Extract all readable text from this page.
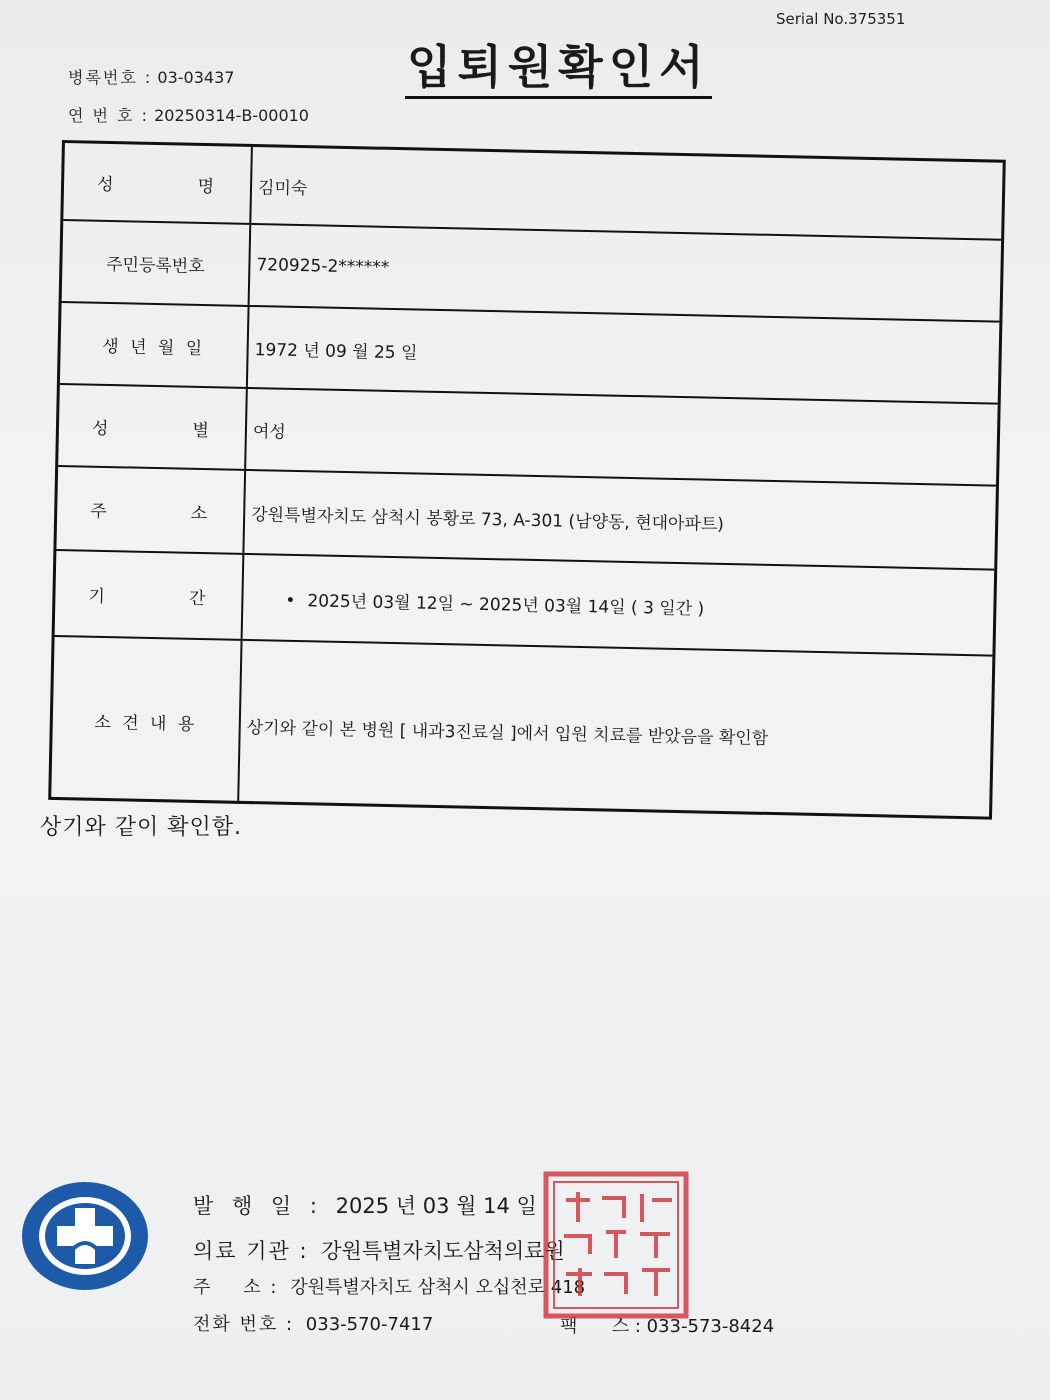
Serial No.375351
입퇴원확인서
병록번호 : 03-03437
연 번 호 : 20250314-B-00010
성	명	김미숙
주민등록번호	720925-2******
생 년 월 일	1972 년 09 월 25 일
성	별	여성
주	소	강원특별자치도 삼척시 봉황로 73, A-301 (남양동, 현대아파트)
기	간
•	2025년 03월 12일 ~ 2025년 03월 14일 ( 3 일간 )
소 견 내 용	상기와 같이 본 병원 [ 내과3진료실 ]에서 입원 치료를 받았음을 확인함
상기와 같이 확인함.
발 행 일 : 2025 년 03 월 14 일
의료 기관 : 강원특별자치도삼척의료원
주    소 : 강원특별자치도 삼척시 오십천로 418
전화 번호 : 033-570-7417	팩      스 : 033-573-8424
